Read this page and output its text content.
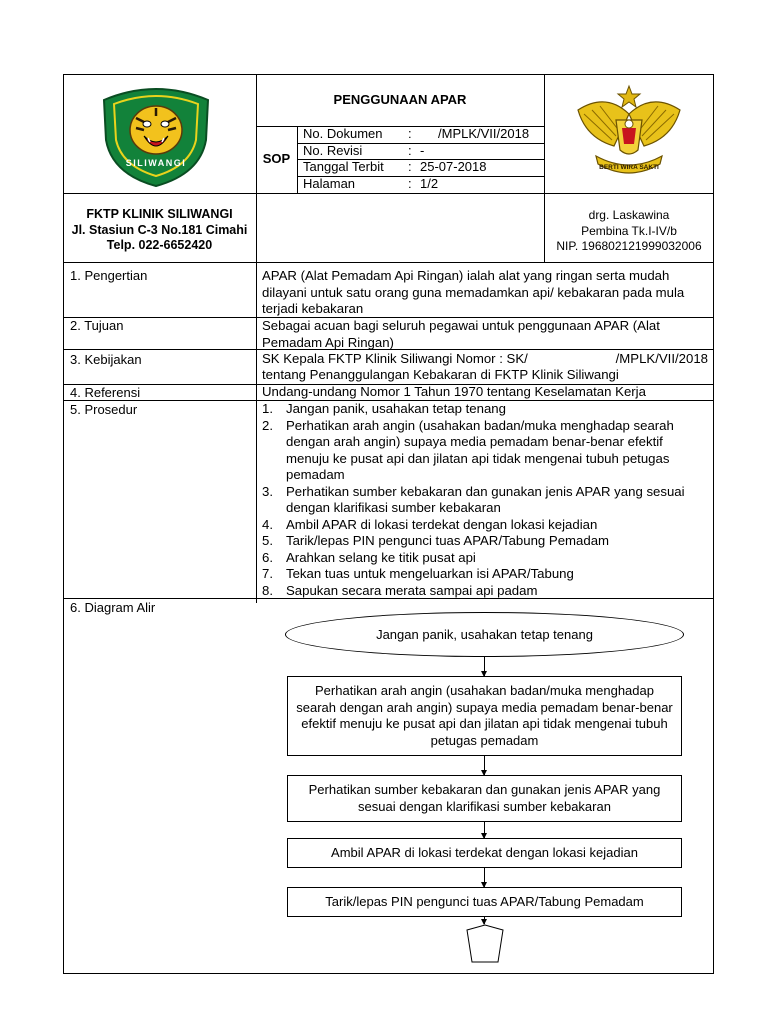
SILIWANGI
PENGGUNAAN APAR
SOP
No. Dokumen : /MPLK/VII/2018
No. Revisi	: -
Tanggal Terbit : 25-07-2018
Halaman	: 1/2
BERTI WIRA SAKTI
FKTP KLINIK SILIWANGI
Jl. Stasiun C-3 No.181 Cimahi
Telp. 022-6652420
drg. Laskawina
Pembina Tk.I-IV/b
NIP. 196802121999032006
1. Pengertian	APAR (Alat Pemadam Api Ringan) ialah alat yang ringan serta mudah dilayani untuk satu orang guna memadamkan api/ kebakaran pada mula terjadi kebakaran
2. Tujuan	Sebagai acuan bagi seluruh pegawai untuk penggunaan APAR (Alat Pemadam Api Ringan)
3. Kebijakan	SK Kepala FKTP Klinik Siliwangi Nomor : SK/	/MPLK/VII/2018
tentang Penanggulangan Kebakaran di FKTP Klinik Siliwangi
4. Referensi	Undang-undang Nomor 1 Tahun 1970 tentang Keselamatan Kerja
5. Prosedur	1. Jangan panik, usahakan tetap tenang
2. Perhatikan arah angin (usahakan badan/muka menghadap searah dengan arah angin) supaya media pemadam benar-benar efektif menuju ke pusat api dan jilatan api tidak mengenai tubuh petugas pemadam
3. Perhatikan sumber kebakaran dan gunakan jenis APAR yang sesuai dengan klarifikasi sumber kebakaran
4. Ambil APAR di lokasi terdekat dengan lokasi kejadian
5. Tarik/lepas PIN pengunci tuas APAR/Tabung Pemadam
6. Arahkan selang ke titik pusat api
7. Tekan tuas untuk mengeluarkan isi APAR/Tabung
8. Sapukan secara merata sampai api padam
6. Diagram Alir
Jangan panik, usahakan tetap tenang
Perhatikan arah angin (usahakan badan/muka menghadap searah dengan arah angin) supaya media pemadam benar-benar efektif menuju ke pusat api dan jilatan api tidak mengenai tubuh petugas pemadam
Perhatikan sumber kebakaran dan gunakan jenis APAR yang sesuai dengan klarifikasi sumber kebakaran
Ambil APAR di lokasi terdekat dengan lokasi kejadian
Tarik/lepas PIN pengunci tuas APAR/Tabung Pemadam
